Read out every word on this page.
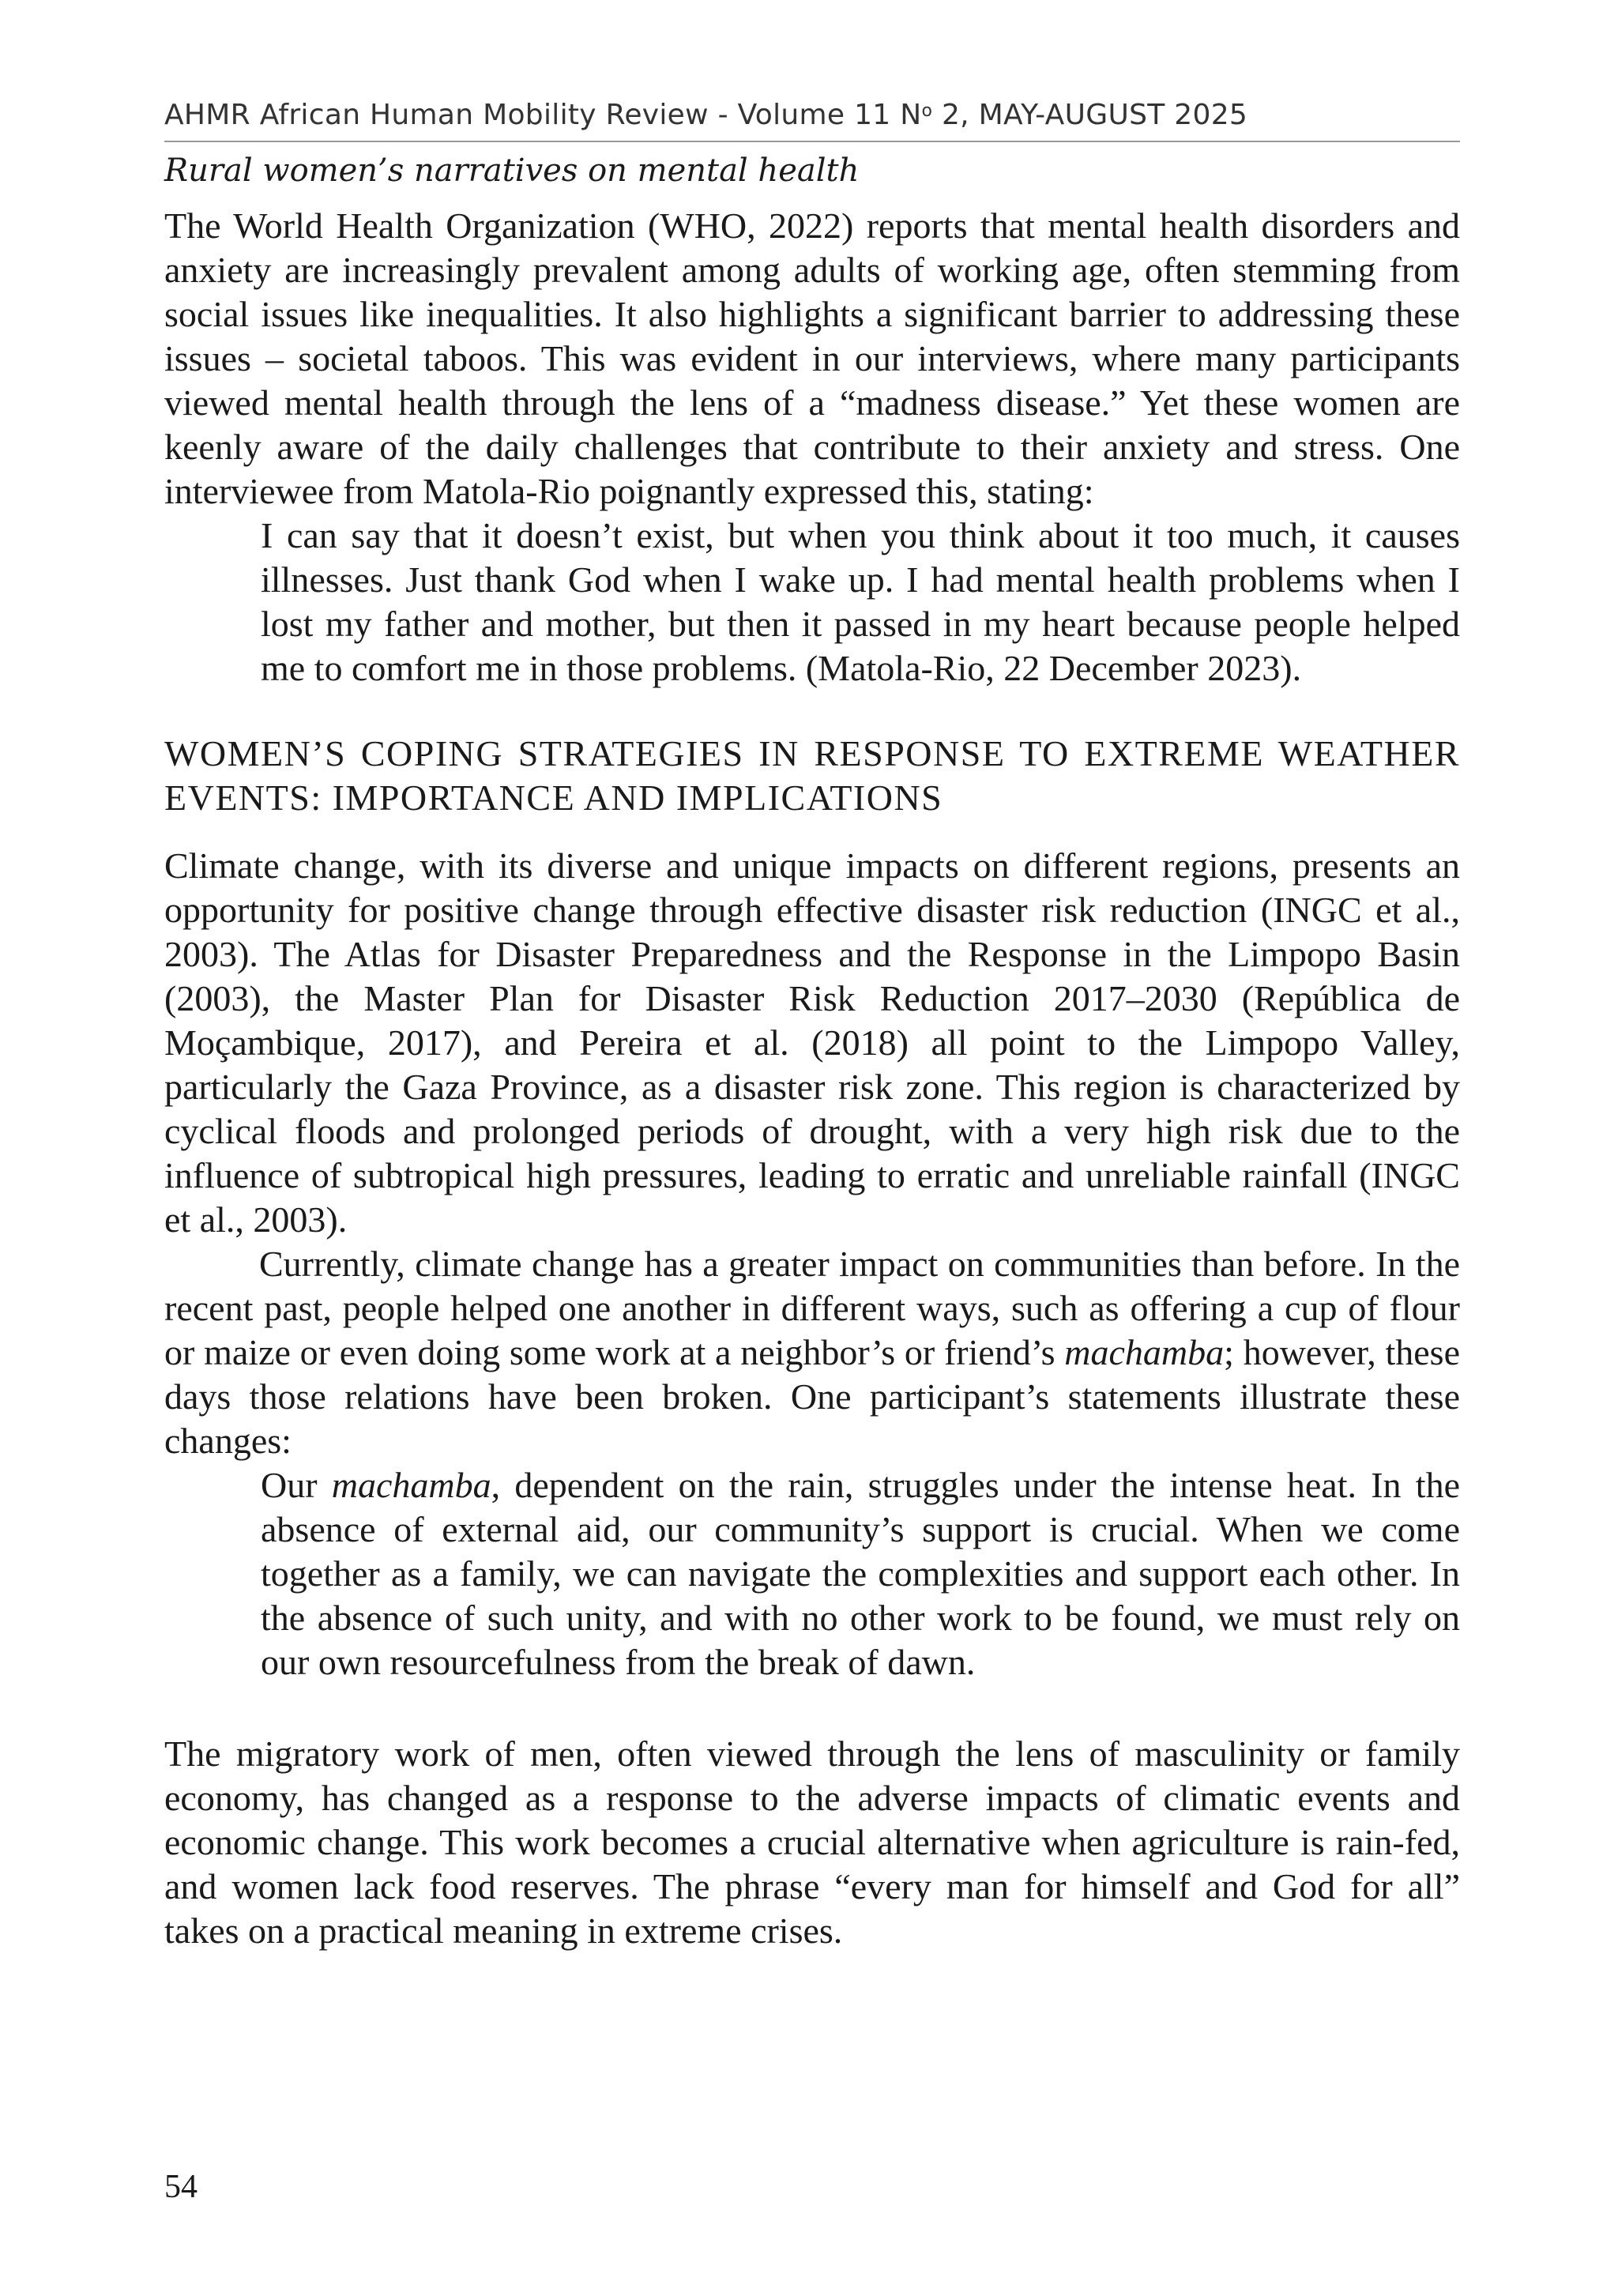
AHMR African Human Mobility Review - Volume 11 $N^o$ 2, MAY-AUGUST 2025
Rural women’s narratives on mental health

The World Health Organization (WHO, 2022) reports that mental health disorders and anxiety are increasingly prevalent among adults of working age, often stemming from social issues like inequalities. It also highlights a significant barrier to addressing these issues – societal taboos. This was evident in our interviews, where many participants viewed mental health through the lens of a “madness disease.” Yet these women are keenly aware of the daily challenges that contribute to their anxiety and stress. One interviewee from Matola-Rio poignantly expressed this, stating:

I can say that it doesn’t exist, but when you think about it too much, it causes illnesses. Just thank God when I wake up. I had mental health problems when I lost my father and mother, but then it passed in my heart because people helped me to comfort me in those problems. (Matola-Rio, 22 December 2023).

WOMEN’S COPING STRATEGIES IN RESPONSE TO EXTREME WEATHER EVENTS: IMPORTANCE AND IMPLICATIONS

Climate change, with its diverse and unique impacts on different regions, presents an opportunity for positive change through effective disaster risk reduction (INGC et al., 2003). The Atlas for Disaster Preparedness and the Response in the Limpopo Basin (2003), the Master Plan for Disaster Risk Reduction 2017–2030 (República de Moçambique, 2017), and Pereira et al. (2018) all point to the Limpopo Valley, particularly the Gaza Province, as a disaster risk zone. This region is characterized by cyclical floods and prolonged periods of drought, with a very high risk due to the influence of subtropical high pressures, leading to erratic and unreliable rainfall (INGC et al., 2003).

Currently, climate change has a greater impact on communities than before. In the recent past, people helped one another in different ways, such as offering a cup of flour or maize or even doing some work at a neighbor’s or friend’s machamba; however, these days those relations have been broken. One participant’s statements illustrate these changes:

Our machamba, dependent on the rain, struggles under the intense heat. In the absence of external aid, our community’s support is crucial. When we come together as a family, we can navigate the complexities and support each other. In the absence of such unity, and with no other work to be found, we must rely on our own resourcefulness from the break of dawn.

The migratory work of men, often viewed through the lens of masculinity or family economy, has changed as a response to the adverse impacts of climatic events and economic change. This work becomes a crucial alternative when agriculture is rain-fed, and women lack food reserves. The phrase “every man for himself and God for all” takes on a practical meaning in extreme crises.

54
